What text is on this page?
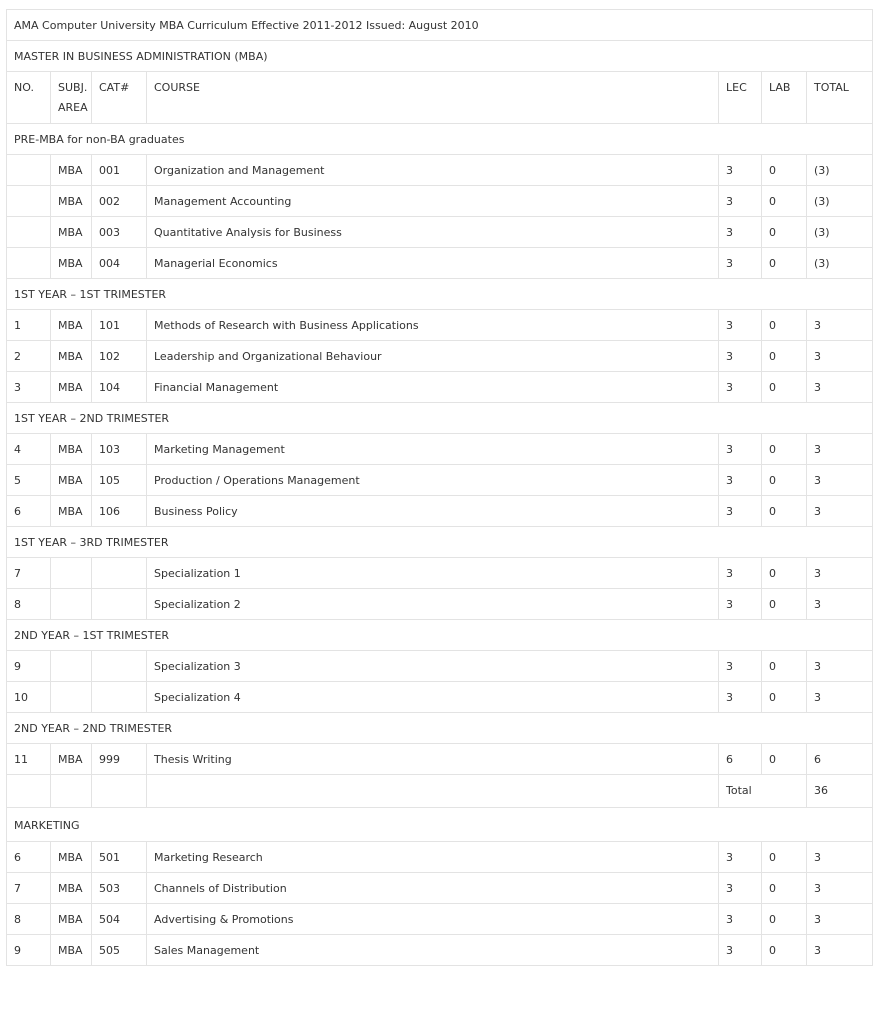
AMA Computer University MBA Curriculum Effective 2011-2012 Issued: August 2010						
MASTER IN BUSINESS ADMINISTRATION (MBA)						
NO.	SUBJ. AREA	CAT#	COURSE	LEC	LAB	TOTAL
PRE-MBA for non-BA graduates						
	MBA	001	Organization and Management	3	0	(3)
	MBA	002	Management Accounting	3	0	(3)
	MBA	003	Quantitative Analysis for Business	3	0	(3)
	MBA	004	Managerial Economics	3	0	(3)
1ST YEAR – 1ST TRIMESTER						
1	MBA	101	Methods of Research with Business Applications	3	0	3
2	MBA	102	Leadership and Organizational Behaviour	3	0	3
3	MBA	104	Financial Management	3	0	3
1ST YEAR – 2ND TRIMESTER						
4	MBA	103	Marketing Management	3	0	3
5	MBA	105	Production / Operations Management	3	0	3
6	MBA	106	Business Policy	3	0	3
1ST YEAR – 3RD TRIMESTER						
7			Specialization 1	3	0	3
8			Specialization 2	3	0	3
2ND YEAR – 1ST TRIMESTER						
9			Specialization 3	3	0	3
10			Specialization 4	3	0	3
2ND YEAR – 2ND TRIMESTER						
11	MBA	999	Thesis Writing	6	0	6
				Total		36
MARKETING						
6	MBA	501	Marketing Research	3	0	3
7	MBA	503	Channels of Distribution	3	0	3
8	MBA	504	Advertising & Promotions	3	0	3
9	MBA	505	Sales Management	3	0	3
